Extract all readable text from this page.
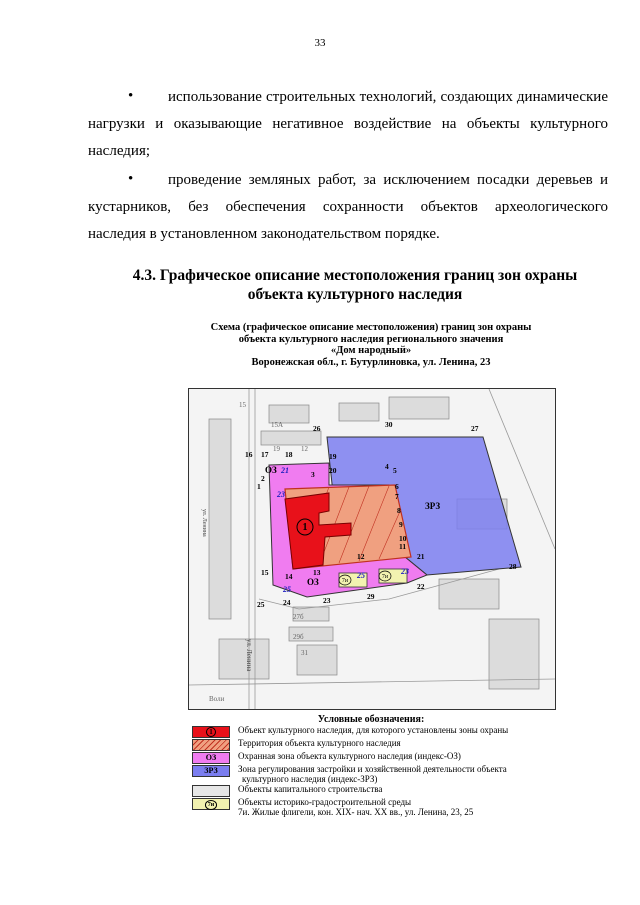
33
•	использование строительных технологий, создающих динамические
нагрузки и оказывающие негативное воздействие на объекты культурного
наследия;
•	проведение земляных работ, за исключением посадки деревьев и
кустарников, без обеспечения сохранности объектов археологического
наследия в установленном законодательством порядке.
4.3. Графическое описание местоположения границ зон охраны
объекта культурного наследия
Схема (графическое описание местоположения) границ зон охраны
объекта культурного наследия регионального значения
«Дом народный»
Воронежская обл., г. Бутурлиновка, ул. Ленина, 23
1
7и
7и
ОЗ
ОЗ
ЗРЗ
21
23
25
25	23
15А
19
27б
29б
31
12
15
Воли
ул. Ленина
ул. Ленина
1
2	3
4 5
6
7
8
9
10
11
12
13
14
15
16 17 18	19
20
21
22
23
24
25
26	27
28
29
30
Условные обозначения:
1	Объект культурного наследия, для которого установлены зоны охраны
Территория объекта культурного наследия
ОЗ	Охранная зона объекта культурного наследия (индекс-ОЗ)
ЗРЗ	Зона регулирования застройки и хозяйственной деятельности объекта
культурного наследия (индекс-ЗРЗ)
Объекты капитального строительства
7и	Объекты историко-градостроительной среды
7и. Жилые флигели, кон. XIX- нач. XX вв., ул. Ленина, 23, 25
